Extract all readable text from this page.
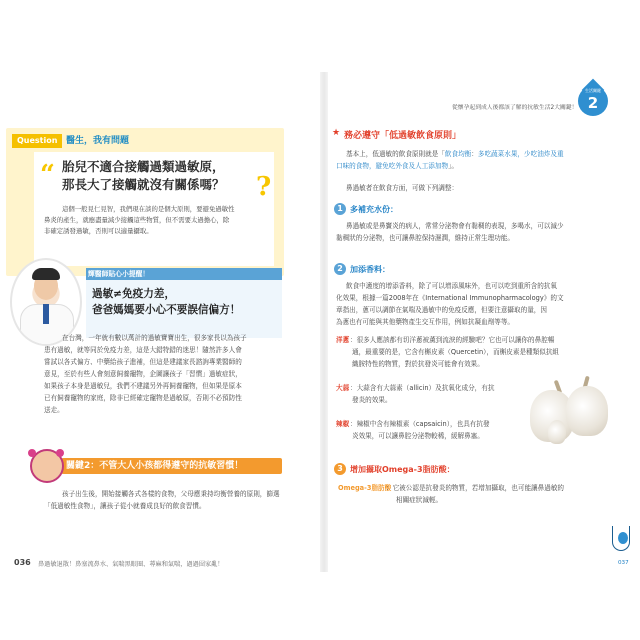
Question 醫生，我有問題
“	?
胎兒不適合接觸過類過敏原，
那長大了接觸就沒有關係嗎？
這個一般見仁見智，我們現在談的是個大原則，要避免過敏性
鼻炎的產生，就應盡量減少接觸這些物質，但不需要太過擔心，除
非確定誘發過敏，否則可以適量攝取。
輝醫師貼心小提醒！
過敏≠免疫力差，
爸爸媽媽要小心不要誤信偏方！
在台灣，一年就有數以萬計的過敏寶寶出生，很多家長以為孩子
患有過敏，就等同於免疫力差，這是大錯特錯的迷思！隨然許多人會
嘗試以各式偏方、中藥給孩子進補，但這是建議家長諮詢專業醫師的
意見，至於有些人會刻意飼養寵物，企圖讓孩子「習慣」過敏症狀，
如果孩子本身是過敏兒，我們不建議另外再飼養寵物，但如果是原本
已有飼養寵物的家庭，除非已經確定寵物是過敏原，否則不必預防性
送走。
關鍵2：不管大人小孩都得遵守的抗敏習慣！
孩子出生後，開始接觸各式各樣的食物，父母應秉持均衡營養的原則，篩選
「低過敏性食物」，讓孩子從小就養成良好的飲食習慣。
036 鼻過敏退散！鼻塞流鼻水、氣喘黑眼圈、蕁麻和氣喘，過過囧家亂！
從懷孕起到成人後都該了解的抗敏生活2大關鍵！
生活關鍵
2
★ 務必遵守「低過敏飲食原則」
基本上，低過敏的飲食原則就是「飲食均衡：多吃蔬菜水果，少吃油炸及重
口味的食物，避免吃外食及人工添加物」。
鼻過敏者在飲食方面，可做下列調整：
1 多補充水份：
鼻過敏或是鼻竇炎的病人，常常分泌物會有黏稠的表現，多喝水，可以減少
黏稠狀的分泌物，也可讓鼻腔保持濕潤，維持正常生理功能。
2 加添香料：
飲食中適度的增添香料，除了可以增添風味外，也可以吃到重所含的抗氧
化效果，根據一篇2008年在《International Immunopharmacology》的文
章指出，蔥可以調節在氣喘及過敏中的免疫反應，但要注意攝取的量，因
為蔥也有可能與其他藥物產生交互作用，例如抗凝血劑等等。
洋蔥 ：很多人應該都有切洋蔥被薰到流淚的經驗吧？它也可以讓你的鼻腔暢
通，最重要的是，它含有槲皮素（Quercetin），而槲皮素是種類似抗組
織胺特性的物質，對於抗發炎可能會有效果。
大蒜 ：大蒜含有大蒜素（allicin）及抗氧化成分，有抗
發炎的效果。
辣椒 ：辣椒中含有辣椒素（capsaicin），也具有抗發
炎效果，可以讓鼻腔分泌物較稀，緩解鼻塞。
3 增加攝取Omega-3脂肪酸：
Omega-3脂肪酸
：它被公認是抗發炎的物質，若增加攝取，也可能讓鼻過敏的
相關症狀減輕。
037
